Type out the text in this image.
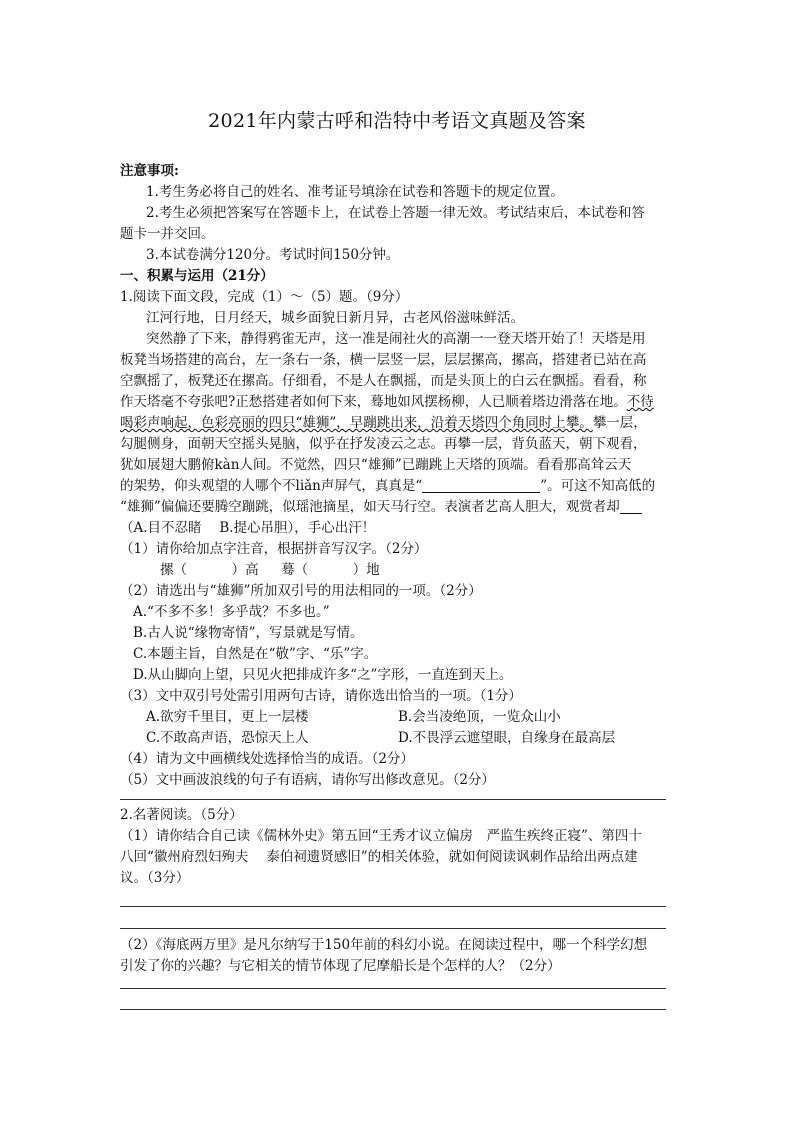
2021年内蒙古呼和浩特中考语文真题及答案
注意事项:
1.考生务必将自己的姓名、准考证号填涂在试卷和答题卡的规定位置。
2.考生必须把答案写在答题卡上，在试卷上答题一律无效。考试结束后，本试卷和答
题卡一并交回。
3.本试卷满分120分。考试时间150分钟。
一、积累与运用（21分）
1.阅读下面文段，完成（1）～（5）题。（9分）
江河行地，日月经天，城乡面貌日新月异，古老风俗滋味鲜活。
突然静了下来，静得鸦雀无声，这一准是闹社火的高潮一一登天塔开始了！天塔是用
板凳当场搭建的高台，左一条右一条，横一层竖一层，层层摞高，摞高，搭建者已站在高
空飘摇了，板凳还在摞高。仔细看，不是人在飘摇，而是头顶上的白云在飘摇。看看，称
作天塔毫不夸张吧?正愁搭建者如何下来，蓦地如风摆杨柳，人已顺着塔边滑落在地。不待
喝彩声响起，色彩亮丽的四只“雄狮”，早蹦跳出来，沿着天塔四个角同时上攀。攀一层，
勾腿侧身，面朝天空摇头晃脑，似乎在抒发凌云之志。再攀一层，背负蓝天，朝下观看，
犹如展翅大鹏俯kàn人间。不觉然，四只“雄狮”已蹦跳上天塔的顶端。看看那高耸云天
的架势，仰头观望的人哪个不liǎn声屏气，真真是“	”。可这不知高低的
“雄狮”偏偏还要腾空蹦跳，似瑶池摘星，如天马行空。表演者艺高人胆大，观赏者却
（A.目不忍睹　 B.提心吊胆），手心出汗！
（1）请你给加点字注音，根据拼音写汉字。（2分）
摞（	）高 蓦（	）地
（2）请选出与“雄狮”所加双引号的用法相同的一项。（2分）
A.“不多不多！多乎哉？不多也。”
B.古人说“缘物寄情”，写景就是写情。
C.本题主旨，自然是在“敬”字、“乐”字。
D.从山脚向上望，只见火把排成许多“之”字形，一直连到天上。
（3）文中双引号处需引用两句古诗，请你选出恰当的一项。（1分）
A.欲穷千里目，更上一层楼	B.会当凌绝顶，一览众山小
C.不敢高声语，恐惊天上人	D.不畏浮云遮望眼，自缘身在最高层
（4）请为文中画横线处选择恰当的成语。（2分）
（5）文中画波浪线的句子有语病，请你写出修改意见。（2分）
2.名著阅读。（5分）
（1）请你结合自己读《儒林外史》第五回“王秀才议立偏房　严监生疾终正寝”、第四十
八回“徽州府烈妇殉夫　 泰伯祠遗贤感旧”的相关体验，就如何阅读讽刺作品给出两点建
议。（3分）
（2）《海底两万里》是凡尔纳写于150年前的科幻小说。在阅读过程中，哪一个科学幻想
引发了你的兴趣？与它相关的情节体现了尼摩船长是个怎样的人？（2分）
